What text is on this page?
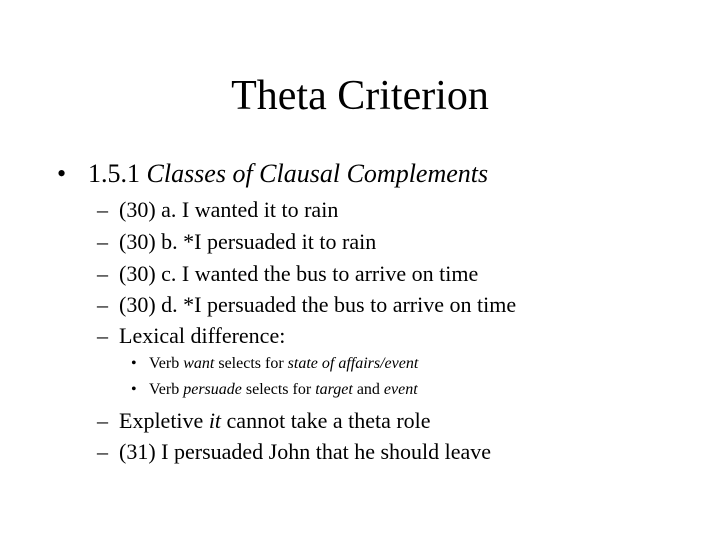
Theta Criterion
• 1.5.1 Classes of Clausal Complements
– (30) a. I wanted it to rain
– (30) b. *I persuaded it to rain
– (30) c. I wanted the bus to arrive on time
– (30) d. *I persuaded the bus to arrive on time
– Lexical difference:
• Verb want selects for state of affairs/event
• Verb persuade selects for target and event
– Expletive it cannot take a theta role
– (31) I persuaded John that he should leave
